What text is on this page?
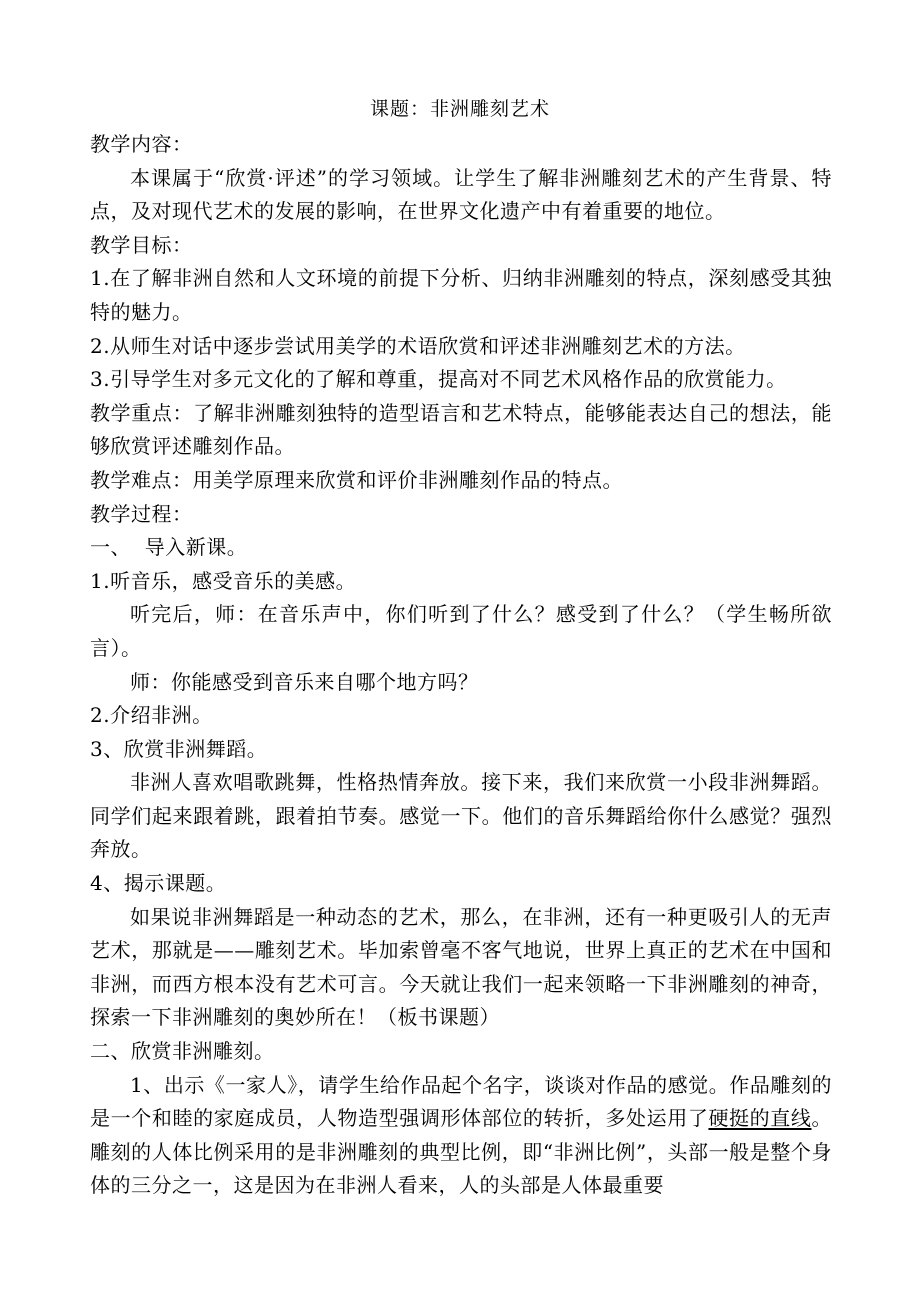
课题：非洲雕刻艺术

教学内容：

本课属于“欣赏·评述”的学习领域。让学生了解非洲雕刻艺术的产生背景、特点，及对现代艺术的发展的影响，在世界文化遗产中有着重要的地位。

教学目标：

1.在了解非洲自然和人文环境的前提下分析、归纳非洲雕刻的特点，深刻感受其独特的魅力。

2.从师生对话中逐步尝试用美学的术语欣赏和评述非洲雕刻艺术的方法。

3.引导学生对多元文化的了解和尊重，提高对不同艺术风格作品的欣赏能力。

教学重点：了解非洲雕刻独特的造型语言和艺术特点，能够能表达自己的想法，能够欣赏评述雕刻作品。

教学难点：用美学原理来欣赏和评价非洲雕刻作品的特点。

教学过程：

一、  导入新课。

1.听音乐，感受音乐的美感。

听完后，师：在音乐声中，你们听到了什么？感受到了什么？（学生畅所欲言）。

师：你能感受到音乐来自哪个地方吗？

2.介绍非洲。

3、欣赏非洲舞蹈。

非洲人喜欢唱歌跳舞，性格热情奔放。接下来，我们来欣赏一小段非洲舞蹈。同学们起来跟着跳，跟着拍节奏。感觉一下。他们的音乐舞蹈给你什么感觉？强烈奔放。

4、揭示课题。

如果说非洲舞蹈是一种动态的艺术，那么，在非洲，还有一种更吸引人的无声艺术，那就是——雕刻艺术。毕加索曾毫不客气地说，世界上真正的艺术在中国和非洲，而西方根本没有艺术可言。今天就让我们一起来领略一下非洲雕刻的神奇，探索一下非洲雕刻的奥妙所在！（板书课题）

二、欣赏非洲雕刻。

1、出示《一家人》，请学生给作品起个名字，谈谈对作品的感觉。作品雕刻的是一个和睦的家庭成员，人物造型强调形体部位的转折，多处运用了硬挺的直线。雕刻的人体比例采用的是非洲雕刻的典型比例，即“非洲比例”，头部一般是整个身体的三分之一，这是因为在非洲人看来，人的头部是人体最重要
